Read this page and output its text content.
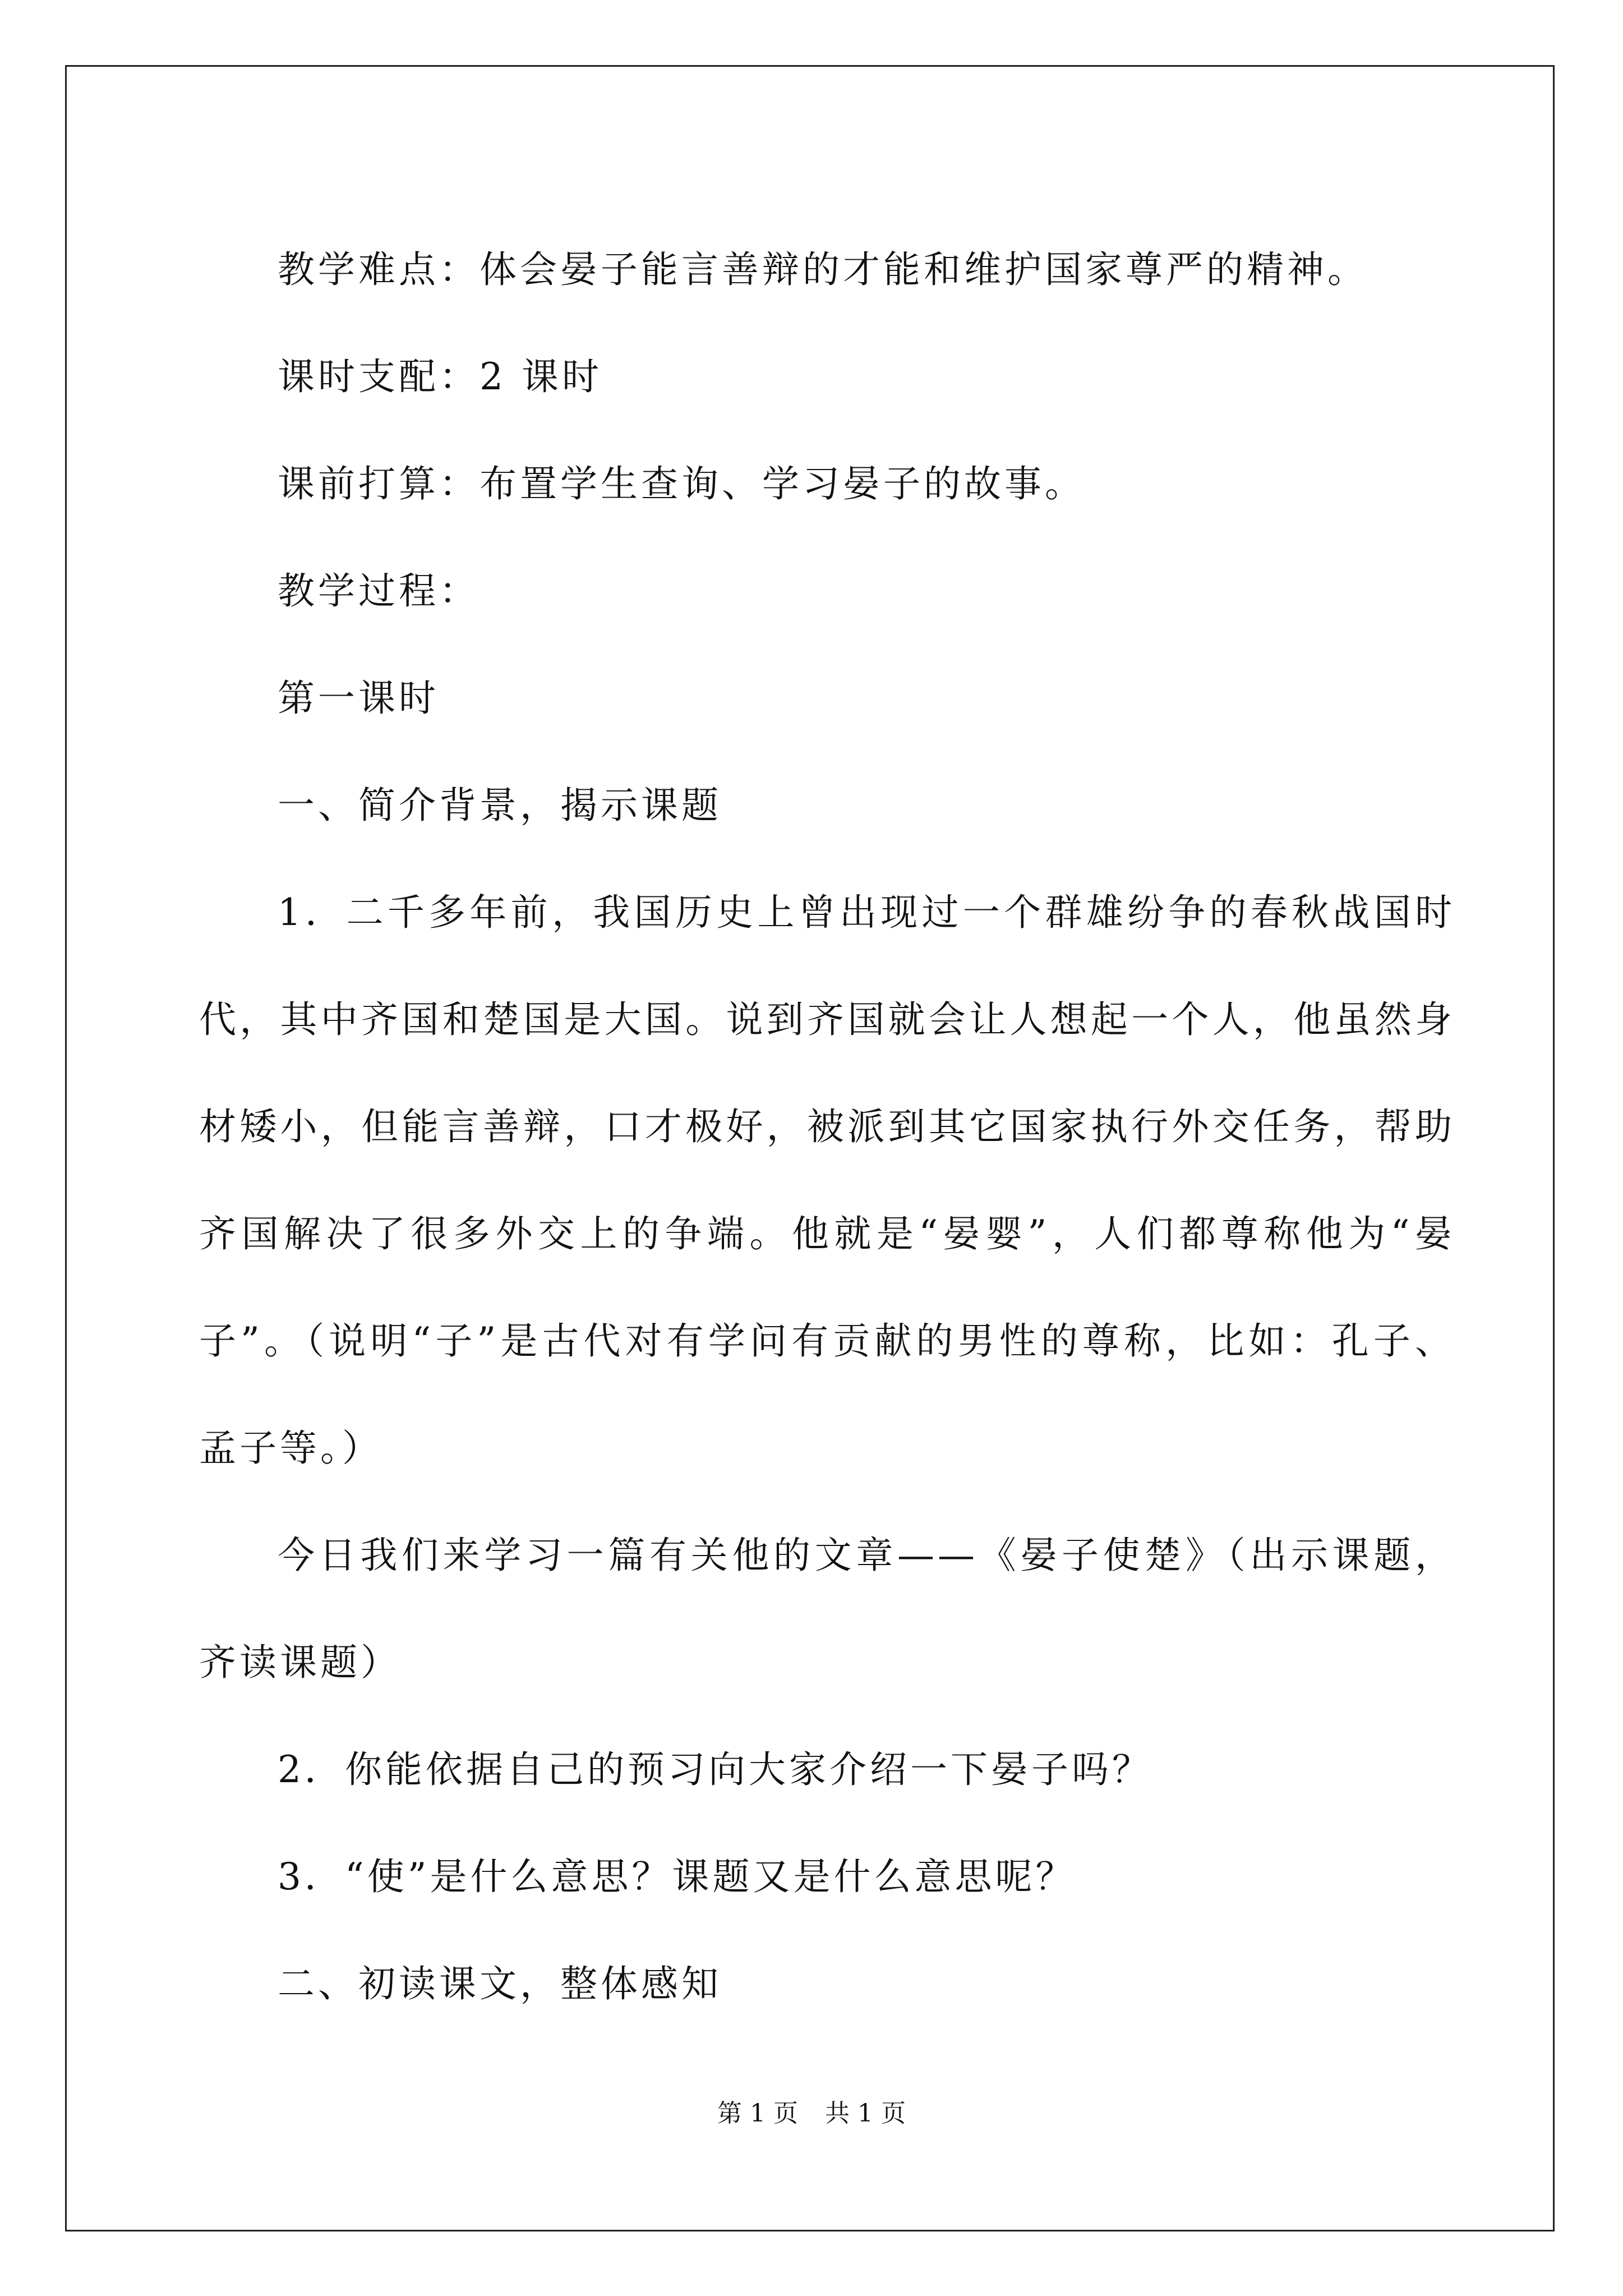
教学难点：体会晏子能言善辩的才能和维护国家尊严的精神。

课时支配：2 课时

课前打算：布置学生查询、学习晏子的故事。

教学过程：

第一课时

一、简介背景，揭示课题

1．二千多年前，我国历史上曾出现过一个群雄纷争的春秋战国时代，其中齐国和楚国是大国。说到齐国就会让人想起一个人，他虽然身材矮小，但能言善辩，口才极好，被派到其它国家执行外交任务，帮助齐国解决了很多外交上的争端。他就是“晏婴”，人们都尊称他为“晏子”。（说明“子”是古代对有学问有贡献的男性的尊称，比如：孔子、孟子等。）

今日我们来学习一篇有关他的文章——《晏子使楚》（出示课题，齐读课题）

2．你能依据自己的预习向大家介绍一下晏子吗？

3．“使”是什么意思？课题又是什么意思呢？

二、初读课文，整体感知

第 1 页 共 1 页
